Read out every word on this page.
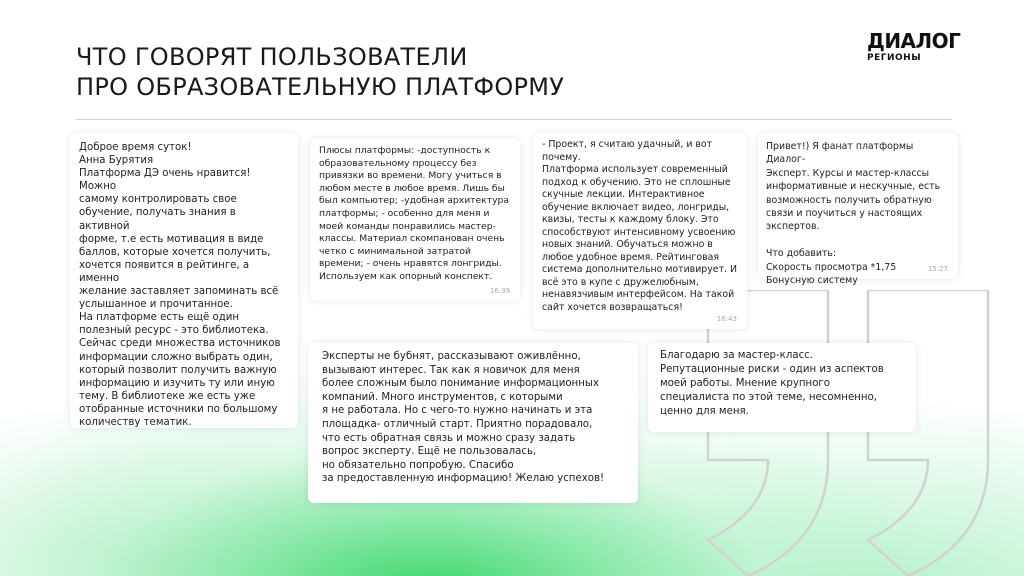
ЧТО ГОВОРЯТ ПОЛЬЗОВАТЕЛИ
ПРО ОБРАЗОВАТЕЛЬНУЮ ПЛАТФОРМУ
ДИАЛОГ
РЕГИОНЫ

Доброе время суток!
Анна Бурятия
Платформа ДЭ очень нравится! Можно
самому контролировать свое
обучение, получать знания в активной
форме, т.е есть мотивация в виде
баллов, которые хочется получить,
хочется появится в рейтинге, а именно
желание заставляет запоминать всё
услышанное и прочитанное.
На платформе есть ещё один
полезный ресурс - это библиотека.
Сейчас среди множества источников
информации сложно выбрать один,
который позволит получить важную
информацию и изучить ту или иную
тему. В библиотеке же есть уже
отобранные источники по большому
количеству тематик.

Плюсы платформы: -доступность к
образовательному процессу без
привязки во времени. Могу учиться в
любом месте в любое время. Лишь бы
был компьютер; -удобная архитектура
платформы; - особенно для меня и
моей команды понравились мастер-
классы. Материал скомпанован очень
четко с минимальной затратой
времени; - очень нравятся лонгриды.
Используем как опорный конспект.

16:39

- Проект, я считаю удачный, и вот
почему.
Платформа использует современный
подход к обучению. Это не сплошные
скучные лекции. Интерактивное
обучение включает видео, лонгриды,
квизы, тесты к каждому блоку. Это
способствуют интенсивному усвоению
новых знаний. Обучаться можно в
любое удобное время. Рейтинговая
система дополнительно мотивирует. И
всё это в купе с дружелюбным,
ненавязчивым интерфейсом. На такой
сайт хочется возвращаться!

16:43

Привет!) Я фанат платформы Диалог-
Эксперт. Курсы и мастер-классы
информативные и нескучные, есть
возможность получить обратную
связи и поучиться у настоящих
экспертов.

Что добавить:
Скорость просмотра *1,75
Бонусную систему

15:27

Эксперты не бубнят, рассказывают оживлённо,
вызывают интерес. Так как я новичок для меня
более сложным было понимание информационных
компаний. Много инструментов, с которыми
я не работала. Но с чего-то нужно начинать и эта
площадка- отличный старт. Приятно порадовало,
что есть обратная связь и можно сразу задать
вопрос эксперту. Ещё не пользовалась,
но обязательно попробую. Спасибо
за предоставленную информацию! Желаю успехов!

Благодарю за мастер-класс.
Репутационные риски - один из аспектов
моей работы. Мнение крупного
специалиста по этой теме, несомненно,
ценно для меня.
